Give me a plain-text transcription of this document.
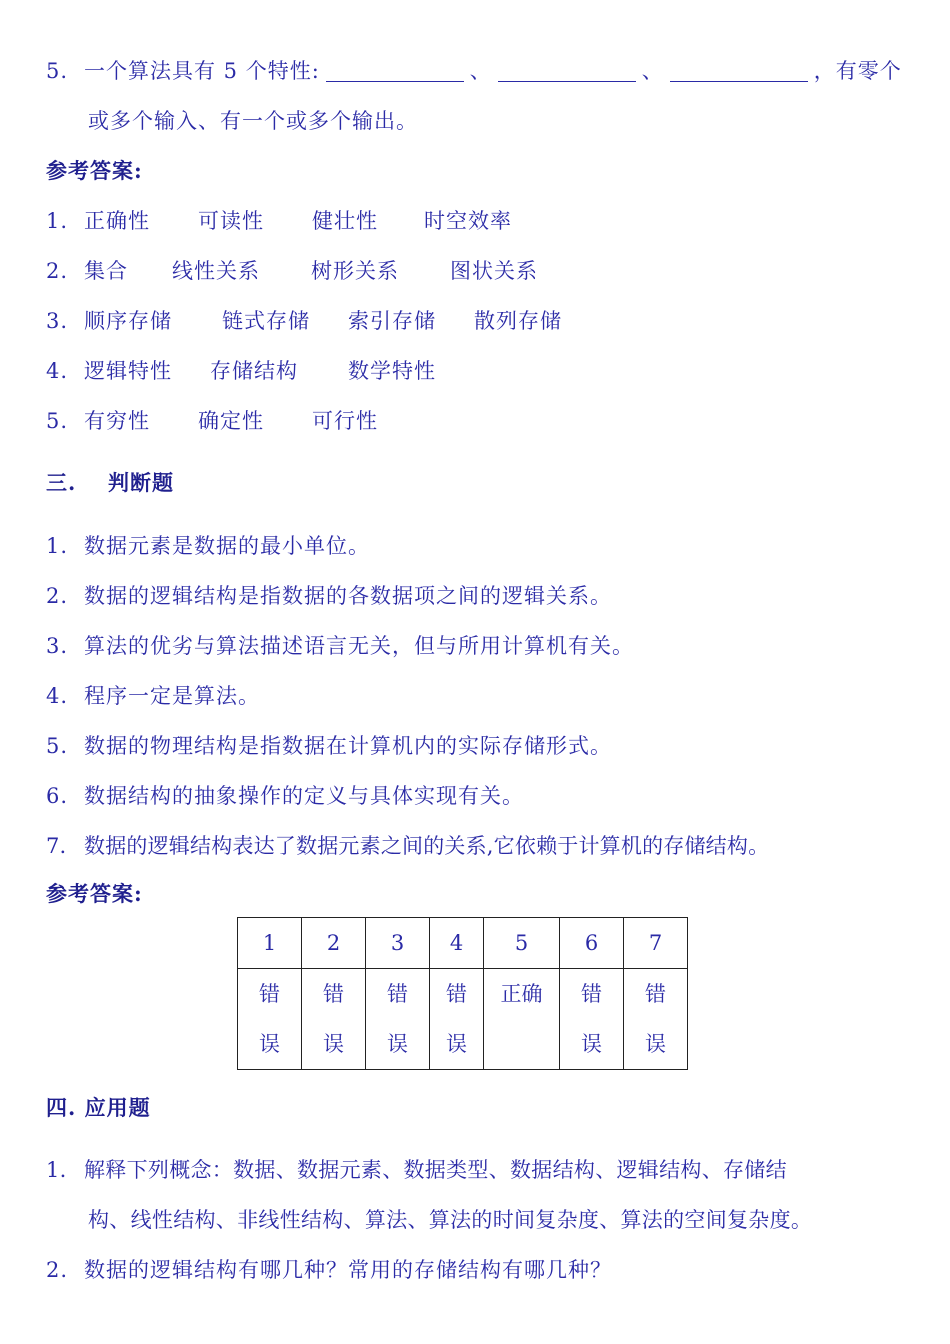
5. 一个算法具有 5 个特性:	、	、	，有零个
或多个输入、有一个或多个输出。
参考答案:
1. 正确性 可读性 健壮性 时空效率
2. 集合 线性关系 树形关系 图状关系
3. 顺序存储 链式存储 索引存储 散列存储
4. 逻辑特性 存储结构 数学特性
5. 有穷性 确定性 可行性
三. 判断题
1. 数据元素是数据的最小单位。
2. 数据的逻辑结构是指数据的各数据项之间的逻辑关系。
3. 算法的优劣与算法描述语言无关，但与所用计算机有关。
4. 程序一定是算法。
5. 数据的物理结构是指数据在计算机内的实际存储形式。
6. 数据结构的抽象操作的定义与具体实现有关。
7. 数据的逻辑结构表达了数据元素之间的关系,它依赖于计算机的存储结构。
参考答案:
1	2	3	4	5	6	7
错误	错误	错误	错误	正确	错误	错误
四. 应用题
1. 解释下列概念：数据、数据元素、数据类型、数据结构、逻辑结构、存储结
构、线性结构、非线性结构、算法、算法的时间复杂度、算法的空间复杂度。
2. 数据的逻辑结构有哪几种？常用的存储结构有哪几种？
